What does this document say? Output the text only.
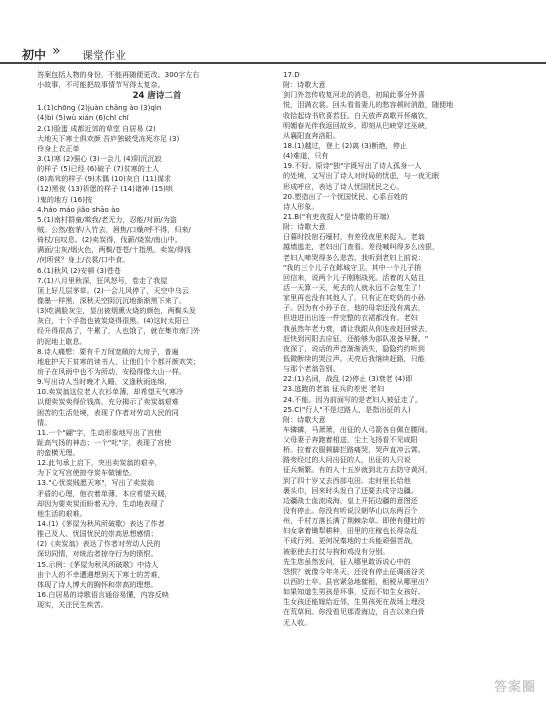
初中 » 课堂作业
答案包括人物的身份，不能再随便更改。300字左右
小故事，不可能把故事情节写得太复杂。
24 唐诗二首
1.(1)chōng (2)juàn chǎng ào (3)qìn
(4)bì (5)wù xián (6)chī chī
2.(1)脸蛋 成都近郊的草堂 自居易 (2)
大地天下寒士俱欢颜 吾庐独破受冻死亦足 (3)
伶身上衣正单
3.(1)寒 (2)强心 (3)一会儿 (4)阴沉沉寂
的样子 (5)已经 (6)破子 (7)贫寒的士人
(8)高耸的样子 (9)木偶 (10)灰白 (11)谋求
(12)黑夜 (13)祈愿的样子 (14)诸神 (15)哄
)鬼的地方 (16)按
4.háo máo jiǎo shāo ào
5.(1)南村群童/欺我/老无力，忍能/对面/为盗
贼。公然/抱茅/入竹去，唇焦/口燥/呼不得，归来/
倚杖/自叹息。(2)卖炭得，伐薪/烧炭/南山中。
满面/尘灰/烟火色，两鬓/苍苍/十指黑。卖炭/得钱
/何所营？身上/衣裳/口中食。
6.(1)秋风 (2)安顿 (3)苍苍
7.(1)八月里秋深，狂风怒号，卷走了我屋
顶上好几层茅草。(2)一会儿风停了，天空中乌云
像墨一样黑，深秋天空阴沉沉地渐渐黑下来了。
(3)吃满脸灰尘，显出被烟熏火烧的颜色，两鬓头发
灰白，十个手指也被炭烧得很黑。(4)这时太阳已
经升得很高了，牛累了，人也饿了，就在集市南门外
的泥地上歇息。
8.诗人痛想：要有千万间宽敞的大房子，普遍
地庇护天下贫寒的读书人，让他们个个都开颜欢笑；
房子在风雨中也不为所动，安稳得像大山一样。
9.写出诗人当时晚才入睡，又逢秋雨连绵，
10.卖炭翁这位老人衣衫单薄，却希望天气寒冷
以便卖炭卖得价钱高，充分揭示了卖炭翁艰难
困苦的生活处境，表现了作者对劳动人民的同
情。
11.一个"翩"字，生动形象地写出了宫使
趾高气扬的神态；一个"叱"字，表现了宫使
的蛮横无理。
12.此句承上启下，突出卖炭翁的艰辛，
为下文写宫使掠夺炭车做铺垫。
13."心忧炭贱愿天寒"，写出了卖炭翁
矛盾的心理，他衣着单薄，本应希望天暖，
却因为要卖炭而盼着天冷，生动地表现了
他生活的艰难。
14.(1)《茅屋为秋风所破歌》表达了作者
推己及人、忧国忧民的崇高思想感情；
(2)《卖炭翁》表达了作者对劳动人民的
深切同情，对统治者掠夺行为的愤恨。
15.示例：《茅屋为秋风所破歌》中诗人
由个人的不幸遭遇想到天下寒士的苦难，
体现了诗人博大的胸怀和崇高的理想。
16.白居易的诗歌语言通俗易懂，内容反映
现实，关注民生疾苦。
17.D
附：诗歌大意
剑门外忽传收复河北的消息，初闻此事分外喜
悦，泪满衣裳。回头看看妻儿的愁容顿时消散，随便地
收拾起诗书欣喜若狂。白天放声高歌开怀痛饮，
明媚春光伴我返回故乡。即刻从巴峡穿过巫峡，
从襄阳直奔洛阳。
18.(1)越过，登上 (2)离 (3)断绝，停止
(4)难道，只有
19.不好。原诗"独"字既写出了诗人孤身一人
的处境，又写出了诗人对时局的忧虑，与一夜无眠
形成呼应，表达了诗人忧国忧民之心。
20.塑造出了一个忧国忧民、心系百姓的
诗人形象。
21.B("有吏夜捉人"是诗歌的开端)
附：诗歌大意
日暮时投宿石壕村，有差役夜里来捉人。老翁
越墙逃走，老妇出门查看。差役喊叫得多么凶狠，
老妇人啼哭得多么悲苦。我听到老妇上前说：
"我的三个儿子在邺城守卫。其中一个儿子捎
回信来，说两个儿子刚刚战死。活着的人姑且
活一天算一天，死去的人就永远不会复生了！
家里再也没有其他人了，只有正在吃奶的小孙
子。因为有小孙子在，他的母亲还没有离去，
但进进出出连一件完整的衣裙都没有。老妇
我虽然年老力衰，请让我跟从你连夜赶回营去，
赶快到河阳去应征，还能够为部队准备早餐。"
夜深了，说话的声音渐渐消失，隐隐约约听到
低微断续的哭泣声。天亮后我继续赶路，只能
与那个老翁告别。
22.(1)名词，战乱 (2)停止 (3)衰老 (4)即
23.逃跑的老翁 征兵的差吏 老妇
24.不能。因为前面写的是老妇人被征走了。
25.C("行人"不是过路人，是指出征的人)
附：诗歌大意
车辚辚，马萧萧，出征的人弓箭各自佩在腰间。
父母妻子奔跑着相送，尘土飞扬看不见咸阳
桥。拉着衣服顿脚拦路痛哭，哭声直冲云霄。
路旁经过的人问出征的人，出征的人只说
征兵频繁。有的人十五岁就到北方去防守黄河，
到了四十岁又去西部屯田。走时里长给他
裹头巾，回来时头发白了还要去戍守边疆。
边疆战士血流成海，皇上开拓边疆的意图还
没有停止。你没有听说汉朝华山以东两百个
州，千村万落长满了荆棘杂草。即使有健壮的
妇女拿着锄犁耕种，田里的庄稼也长得杂乱
不成行列。更何况秦地的士兵能顽强苦战，
被驱使去打仗与狗和鸡没有分别。
先生您虽然发问，征人哪里敢诉说心中的
怨恨？就像今年冬天，还没有停止征调函谷关
以西的士卒。县官紧急地催租，租税从哪里出？
如果知道生男孩是坏事，反而不如生女孩好。
生女孩还能嫁给近邻，生男孩死在战场上埋没
在荒草间。你没看见那青海边，自古以来白骨
无人收。
答案圈
